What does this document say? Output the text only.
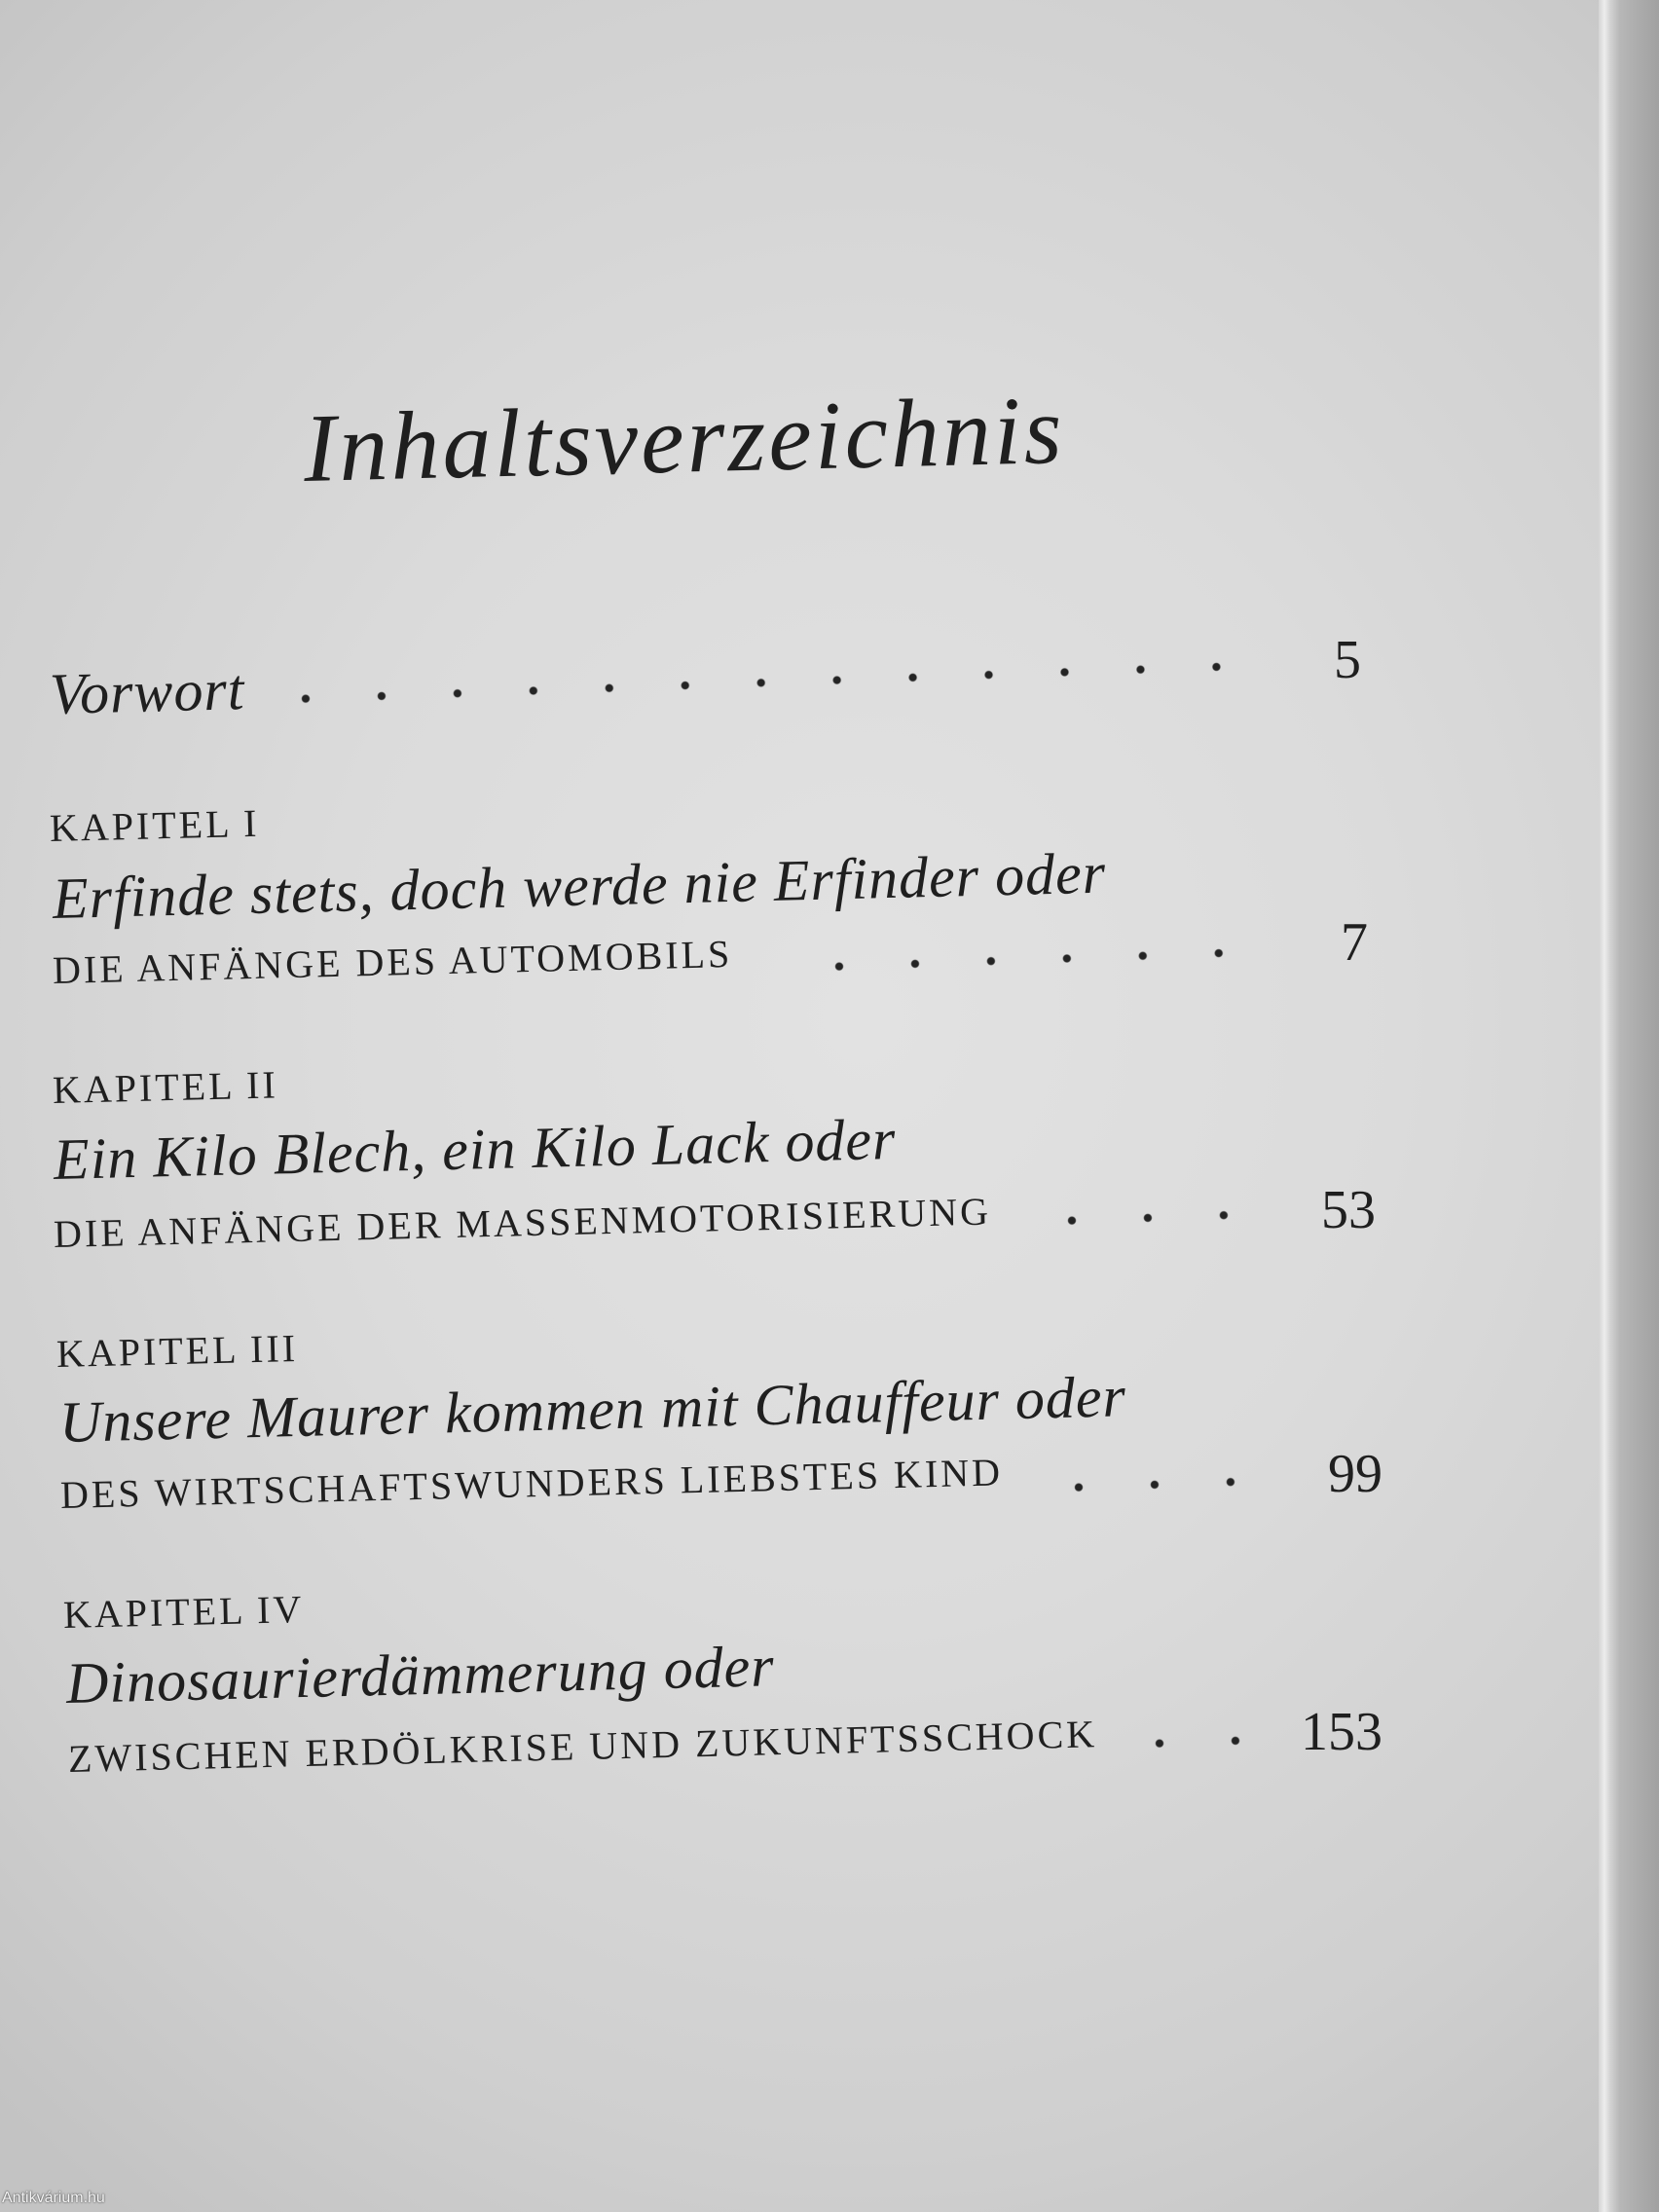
Inhaltsverzeichnis
Vorwort	5
KAPITEL I
Erfinde stets, doch werde nie Erfinder oder
DIE ANFÄNGE DES AUTOMOBILS	7
KAPITEL II
Ein Kilo Blech, ein Kilo Lack oder
DIE ANFÄNGE DER MASSENMOTORISIERUNG	53
KAPITEL III
Unsere Maurer kommen mit Chauffeur oder
DES WIRTSCHAFTSWUNDERS LIEBSTES KIND	99
KAPITEL IV
Dinosaurierdämmerung oder
ZWISCHEN ERDÖLKRISE UND ZUKUNFTSSCHOCK	153
Antikvárium.hu
